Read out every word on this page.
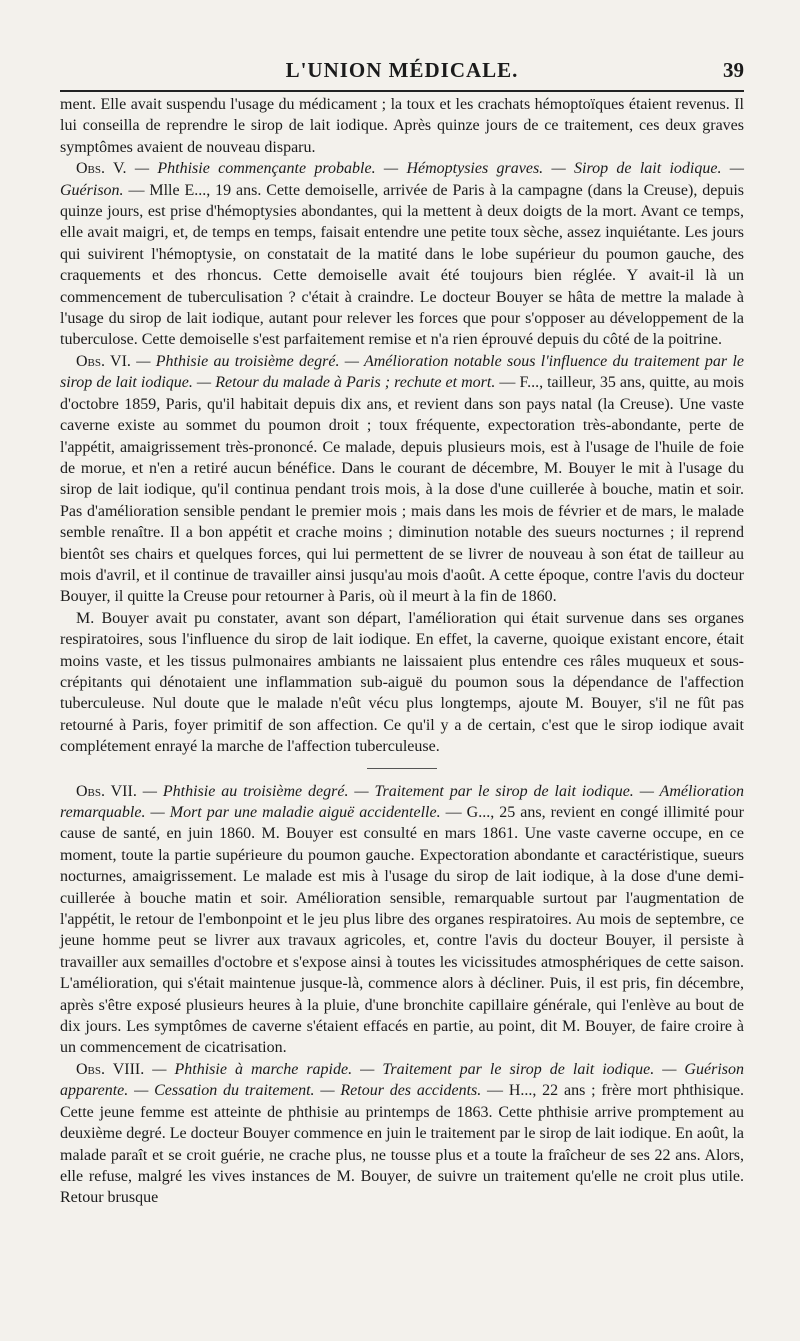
L'UNION MÉDICALE.	39

ment. Elle avait suspendu l'usage du médicament ; la toux et les crachats hémoptoïques étaient revenus. Il lui conseilla de reprendre le sirop de lait iodique. Après quinze jours de ce traitement, ces deux graves symptômes avaient de nouveau disparu.

Obs. V. — Phthisie commençante probable. — Hémoptysies graves. — Sirop de lait iodique. — Guérison. — Mlle E..., 19 ans. Cette demoiselle, arrivée de Paris à la campagne (dans la Creuse), depuis quinze jours, est prise d'hémoptysies abondantes, qui la mettent à deux doigts de la mort. Avant ce temps, elle avait maigri, et, de temps en temps, faisait entendre une petite toux sèche, assez inquiétante. Les jours qui suivirent l'hémoptysie, on constatait de la matité dans le lobe supérieur du poumon gauche, des craquements et des rhoncus. Cette demoiselle avait été toujours bien réglée. Y avait-il là un commencement de tuberculisation ? c'était à craindre. Le docteur Bouyer se hâta de mettre la malade à l'usage du sirop de lait iodique, autant pour relever les forces que pour s'opposer au développement de la tuberculose. Cette demoiselle s'est parfaitement remise et n'a rien éprouvé depuis du côté de la poitrine.

Obs. VI. — Phthisie au troisième degré. — Amélioration notable sous l'influence du traitement par le sirop de lait iodique. — Retour du malade à Paris ; rechute et mort. — F..., tailleur, 35 ans, quitte, au mois d'octobre 1859, Paris, qu'il habitait depuis dix ans, et revient dans son pays natal (la Creuse). Une vaste caverne existe au sommet du poumon droit ; toux fréquente, expectoration très-abondante, perte de l'appétit, amaigrissement très-prononcé. Ce malade, depuis plusieurs mois, est à l'usage de l'huile de foie de morue, et n'en a retiré aucun bénéfice. Dans le courant de décembre, M. Bouyer le mit à l'usage du sirop de lait iodique, qu'il continua pendant trois mois, à la dose d'une cuillerée à bouche, matin et soir. Pas d'amélioration sensible pendant le premier mois ; mais dans les mois de février et de mars, le malade semble renaître. Il a bon appétit et crache moins ; diminution notable des sueurs nocturnes ; il reprend bientôt ses chairs et quelques forces, qui lui permettent de se livrer de nouveau à son état de tailleur au mois d'avril, et il continue de travailler ainsi jusqu'au mois d'août. A cette époque, contre l'avis du docteur Bouyer, il quitte la Creuse pour retourner à Paris, où il meurt à la fin de 1860.

M. Bouyer avait pu constater, avant son départ, l'amélioration qui était survenue dans ses organes respiratoires, sous l'influence du sirop de lait iodique. En effet, la caverne, quoique existant encore, était moins vaste, et les tissus pulmonaires ambiants ne laissaient plus entendre ces râles muqueux et sous-crépitants qui dénotaient une inflammation sub-aiguë du poumon sous la dépendance de l'affection tuberculeuse. Nul doute que le malade n'eût vécu plus longtemps, ajoute M. Bouyer, s'il ne fût pas retourné à Paris, foyer primitif de son affection. Ce qu'il y a de certain, c'est que le sirop iodique avait complétement enrayé la marche de l'affection tuberculeuse.

Obs. VII. — Phthisie au troisième degré. — Traitement par le sirop de lait iodique. — Amélioration remarquable. — Mort par une maladie aiguë accidentelle. — G..., 25 ans, revient en congé illimité pour cause de santé, en juin 1860. M. Bouyer est consulté en mars 1861. Une vaste caverne occupe, en ce moment, toute la partie supérieure du poumon gauche. Expectoration abondante et caractéristique, sueurs nocturnes, amaigrissement. Le malade est mis à l'usage du sirop de lait iodique, à la dose d'une demi-cuillerée à bouche matin et soir. Amélioration sensible, remarquable surtout par l'augmentation de l'appétit, le retour de l'embonpoint et le jeu plus libre des organes respiratoires. Au mois de septembre, ce jeune homme peut se livrer aux travaux agricoles, et, contre l'avis du docteur Bouyer, il persiste à travailler aux semailles d'octobre et s'expose ainsi à toutes les vicissitudes atmosphériques de cette saison. L'amélioration, qui s'était maintenue jusque-là, commence alors à décliner. Puis, il est pris, fin décembre, après s'être exposé plusieurs heures à la pluie, d'une bronchite capillaire générale, qui l'enlève au bout de dix jours. Les symptômes de caverne s'étaient effacés en partie, au point, dit M. Bouyer, de faire croire à un commencement de cicatrisation.

Obs. VIII. — Phthisie à marche rapide. — Traitement par le sirop de lait iodique. — Guérison apparente. — Cessation du traitement. — Retour des accidents. — H..., 22 ans ; frère mort phthisique. Cette jeune femme est atteinte de phthisie au printemps de 1863. Cette phthisie arrive promptement au deuxième degré. Le docteur Bouyer commence en juin le traitement par le sirop de lait iodique. En août, la malade paraît et se croit guérie, ne crache plus, ne tousse plus et a toute la fraîcheur de ses 22 ans. Alors, elle refuse, malgré les vives instances de M. Bouyer, de suivre un traitement qu'elle ne croit plus utile. Retour brusque
